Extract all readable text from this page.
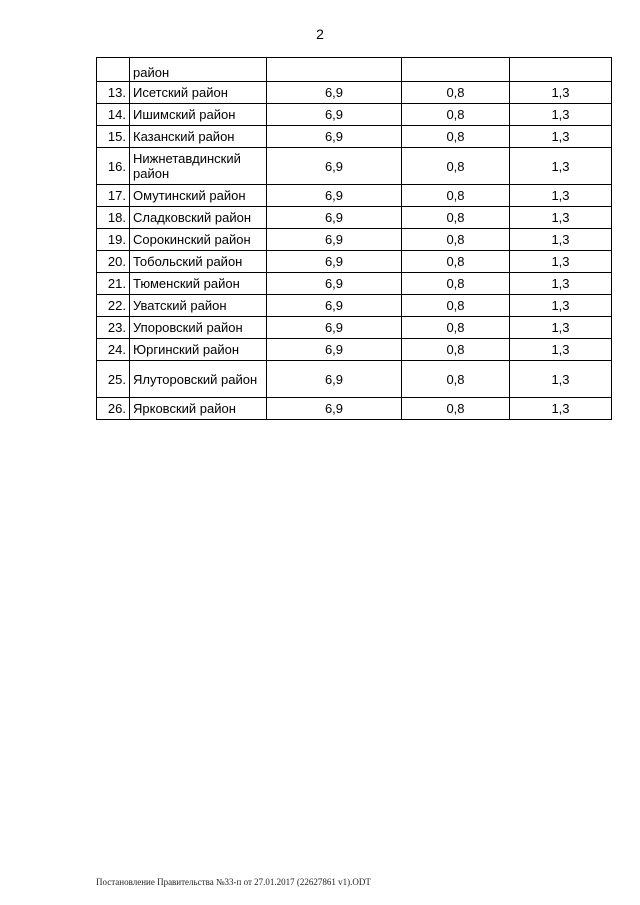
2
	район			
13.	Исетский район	6,9	0,8	1,3
14.	Ишимский район	6,9	0,8	1,3
15.	Казанский район	6,9	0,8	1,3
16.	Нижнетавдинский район	6,9	0,8	1,3
17.	Омутинский район	6,9	0,8	1,3
18.	Сладковский район	6,9	0,8	1,3
19.	Сорокинский район	6,9	0,8	1,3
20.	Тобольский район	6,9	0,8	1,3
21.	Тюменский район	6,9	0,8	1,3
22.	Уватский район	6,9	0,8	1,3
23.	Упоровский район	6,9	0,8	1,3
24.	Юргинский район	6,9	0,8	1,3
25.	Ялуторовский район	6,9	0,8	1,3
26.	Ярковский район	6,9	0,8	1,3
Постановление Правительства №33-п от 27.01.2017 (22627861 v1).ODT
